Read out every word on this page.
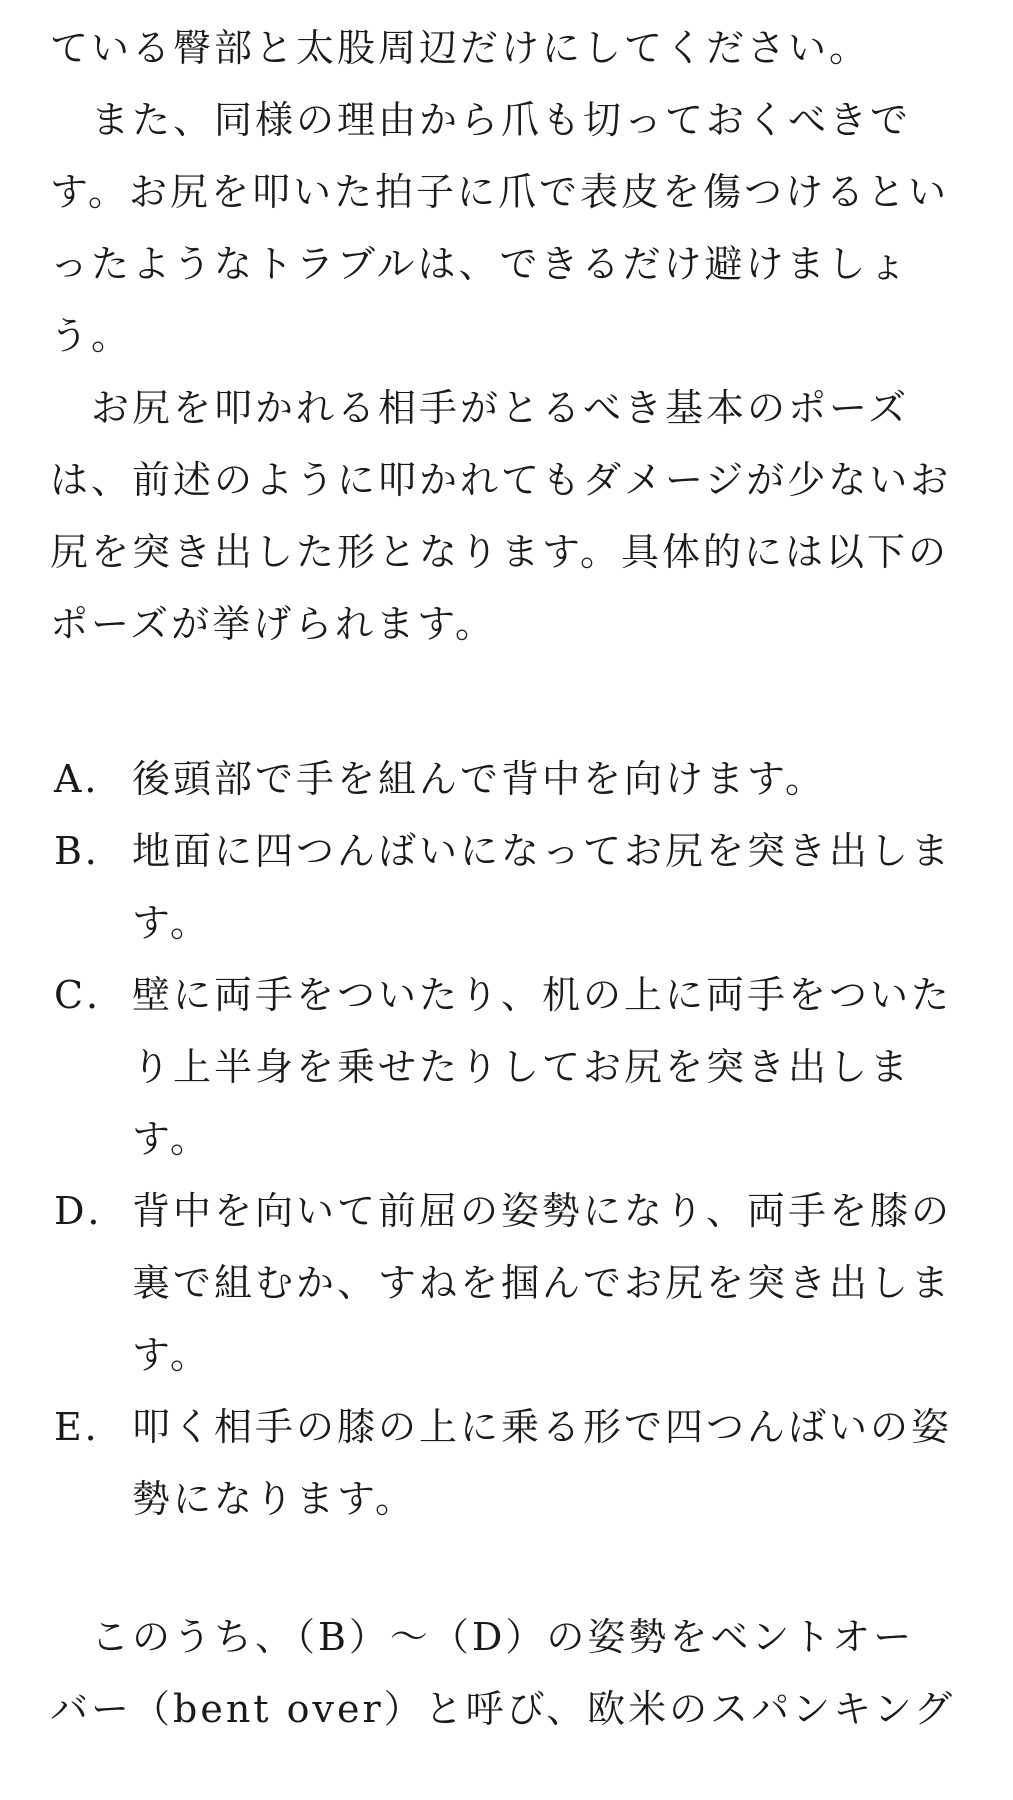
ている臀部と太股周辺だけにしてください。
　また、同様の理由から爪も切っておくべきで
す。お尻を叩いた拍子に爪で表皮を傷つけるとい
ったようなトラブルは、できるだけ避けましょ
う。
　お尻を叩かれる相手がとるべき基本のポーズ
は、前述のように叩かれてもダメージが少ないお
尻を突き出した形となります。具体的には以下の
ポーズが挙げられます。
A． 後頭部で手を組んで背中を向けます。
B． 地面に四つんばいになってお尻を突き出しま
す。
C． 壁に両手をついたり、机の上に両手をついた
り上半身を乗せたりしてお尻を突き出しま
す。
D． 背中を向いて前屈の姿勢になり、両手を膝の
裏で組むか、すねを掴んでお尻を突き出しま
す。
E． 叩く相手の膝の上に乗る形で四つんばいの姿
勢になります。
　このうち、（B）～（D）の姿勢をベントオー
バー（bent over）と呼び、欧米のスパンキング
